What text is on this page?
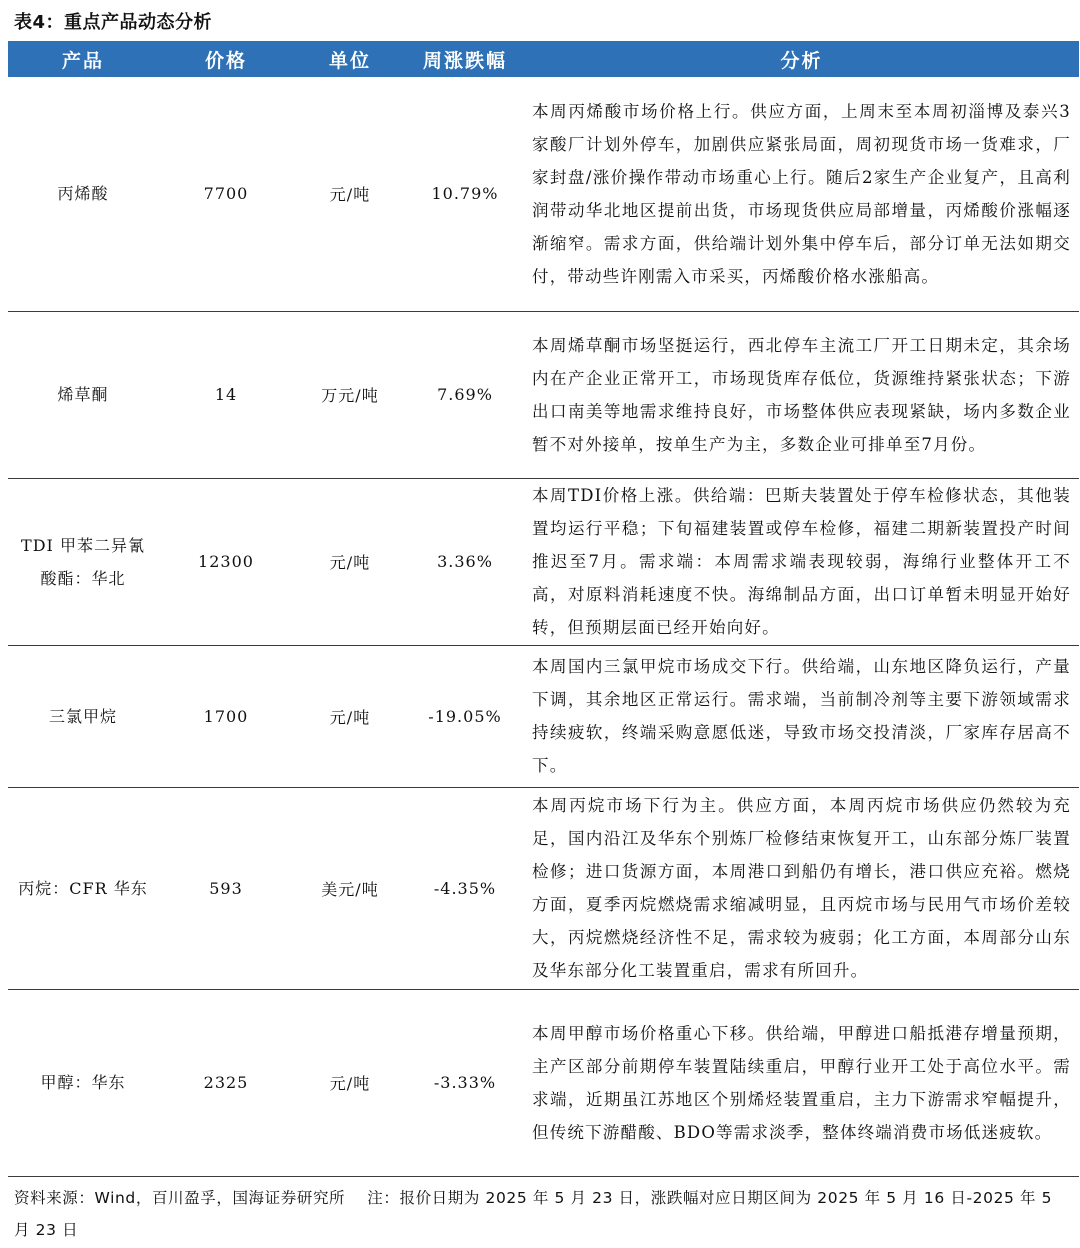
表4：重点产品动态分析
产品	价格	单位	周涨跌幅	分析
丙烯酸	7700	元/吨	10.79%	本周丙烯酸市场价格上行。供应方面，上周末至本周初淄博及泰兴3家酸厂计划外停车，加剧供应紧张局面，周初现货市场一货难求，厂家封盘/涨价操作带动市场重心上行。随后2家生产企业复产，且高利润带动华北地区提前出货，市场现货供应局部增量，丙烯酸价涨幅逐渐缩窄。需求方面，供给端计划外集中停车后，部分订单无法如期交付，带动些许刚需入市采买，丙烯酸价格水涨船高。
烯草酮	14	万元/吨	7.69%	本周烯草酮市场坚挺运行，西北停车主流工厂开工日期未定，其余场内在产企业正常开工，市场现货库存低位，货源维持紧张状态；下游出口南美等地需求维持良好，市场整体供应表现紧缺，场内多数企业暂不对外接单，按单生产为主，多数企业可排单至7月份。
TDI 甲苯二异氰酸酯：华北	12300	元/吨	3.36%	本周TDI价格上涨。供给端：巴斯夫装置处于停车检修状态，其他装置均运行平稳；下旬福建装置或停车检修，福建二期新装置投产时间推迟至7月。需求端：本周需求端表现较弱，海绵行业整体开工不高，对原料消耗速度不快。海绵制品方面，出口订单暂未明显开始好转，但预期层面已经开始向好。
三氯甲烷	1700	元/吨	-19.05%	本周国内三氯甲烷市场成交下行。供给端，山东地区降负运行，产量下调，其余地区正常运行。需求端，当前制冷剂等主要下游领域需求持续疲软，终端采购意愿低迷，导致市场交投清淡，厂家库存居高不下。
丙烷：CFR 华东	593	美元/吨	-4.35%	本周丙烷市场下行为主。供应方面，本周丙烷市场供应仍然较为充足，国内沿江及华东个别炼厂检修结束恢复开工，山东部分炼厂装置检修；进口货源方面，本周港口到船仍有增长，港口供应充裕。燃烧方面，夏季丙烷燃烧需求缩减明显，且丙烷市场与民用气市场价差较大，丙烷燃烧经济性不足，需求较为疲弱；化工方面，本周部分山东及华东部分化工装置重启，需求有所回升。
甲醇：华东	2325	元/吨	-3.33%	本周甲醇市场价格重心下移。供给端，甲醇进口船抵港存增量预期，主产区部分前期停车装置陆续重启，甲醇行业开工处于高位水平。需求端，近期虽江苏地区个别烯烃装置重启，主力下游需求窄幅提升，但传统下游醋酸、BDO等需求淡季，整体终端消费市场低迷疲软。
资料来源：Wind，百川盈孚，国海证券研究所 注：报价日期为 2025 年 5 月 23 日，涨跌幅对应日期区间为 2025 年 5 月 16 日-2025 年 5 月 23 日
